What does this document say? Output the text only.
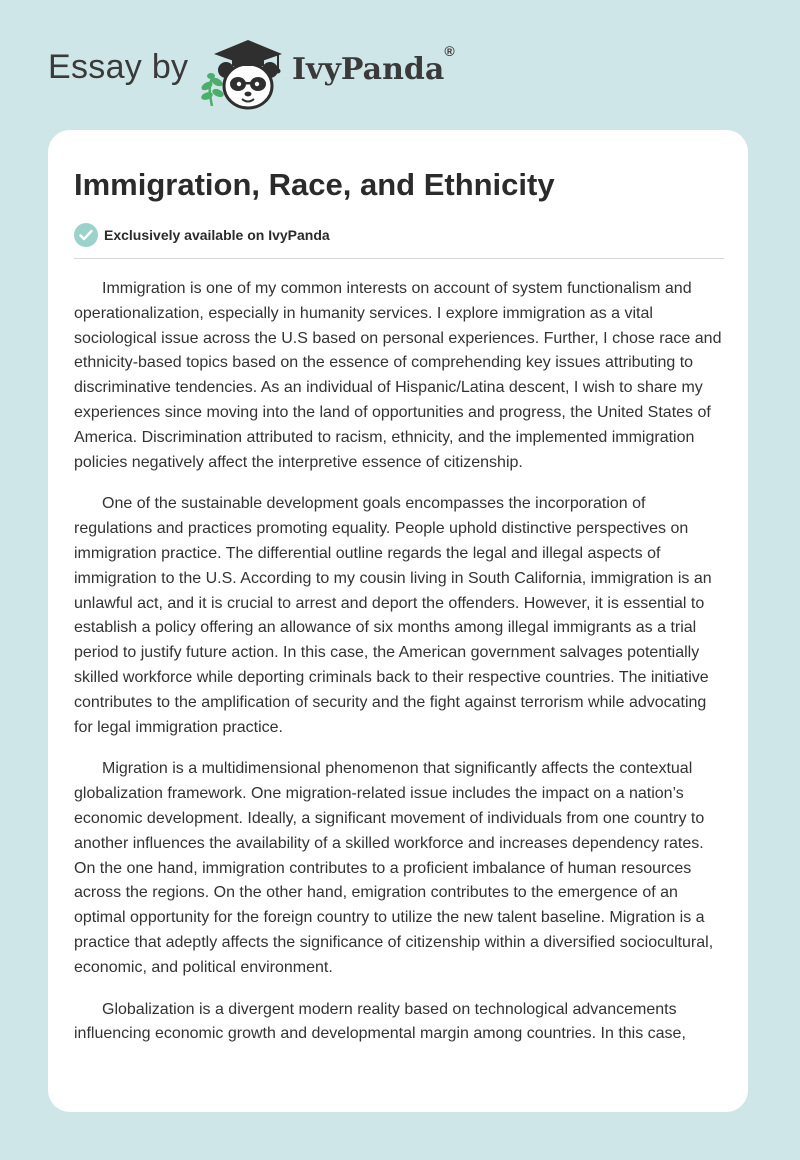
Essay by	IvyPanda®
Immigration, Race, and Ethnicity
Exclusively available on IvyPanda

Immigration is one of my common interests on account of system functionalism and operationalization, especially in humanity services. I explore immigration as a vital sociological issue across the U.S based on personal experiences. Further, I chose race and ethnicity-based topics based on the essence of comprehending key issues attributing to discriminative tendencies. As an individual of Hispanic/Latina descent, I wish to share my experiences since moving into the land of opportunities and progress, the United States of America. Discrimination attributed to racism, ethnicity, and the implemented immigration policies negatively affect the interpretive essence of citizenship.

One of the sustainable development goals encompasses the incorporation of regulations and practices promoting equality. People uphold distinctive perspectives on immigration practice. The differential outline regards the legal and illegal aspects of immigration to the U.S. According to my cousin living in South California, immigration is an unlawful act, and it is crucial to arrest and deport the offenders. However, it is essential to establish a policy offering an allowance of six months among illegal immigrants as a trial period to justify future action. In this case, the American government salvages potentially skilled workforce while deporting criminals back to their respective countries. The initiative contributes to the amplification of security and the fight against terrorism while advocating for legal immigration practice.

Migration is a multidimensional phenomenon that significantly affects the contextual globalization framework. One migration-related issue includes the impact on a nation’s economic development. Ideally, a significant movement of individuals from one country to another influences the availability of a skilled workforce and increases dependency rates. On the one hand, immigration contributes to a proficient imbalance of human resources across the regions. On the other hand, emigration contributes to the emergence of an optimal opportunity for the foreign country to utilize the new talent baseline. Migration is a practice that adeptly affects the significance of citizenship within a diversified sociocultural, economic, and political environment.

Globalization is a divergent modern reality based on technological advancements influencing economic growth and developmental margin among countries. In this case,
